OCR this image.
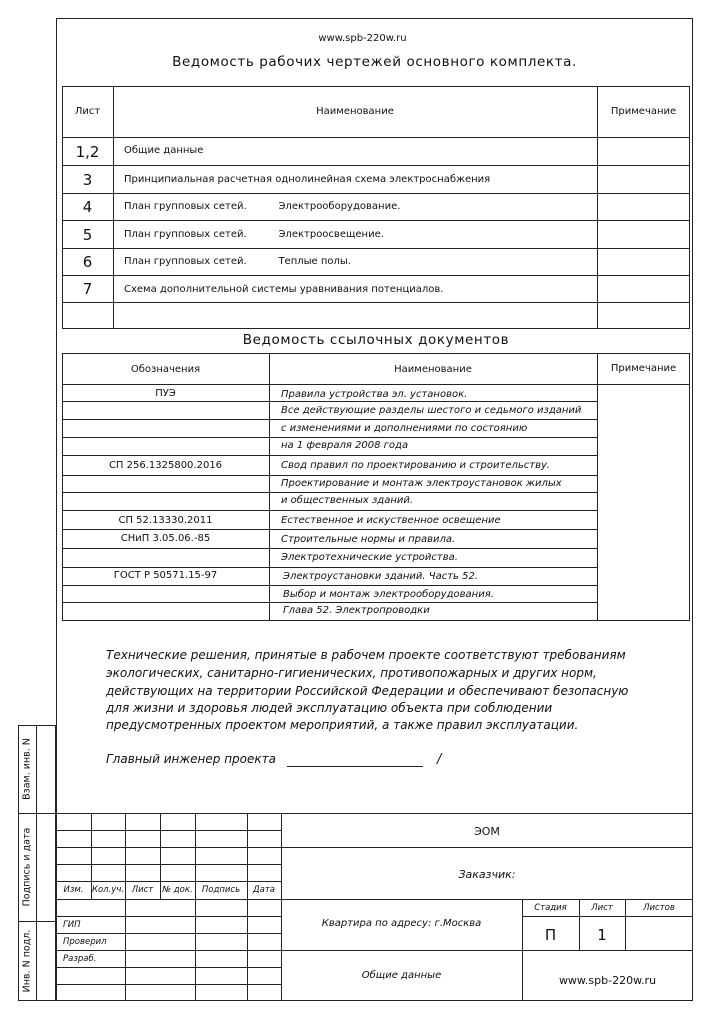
www.spb-220w.ru
Ведомость рабочих чертежей основного комплекта.
Лист	Наименование	Примечание
1,2	Общие данные
3	Принципиальная расчетная однолинейная схема электроснабжения
4	План групповых сетей.          Электрооборудование.
5	План групповых сетей.          Электроосвещение.
6	План групповых сетей.          Теплые полы.
7	Схема дополнительной системы уравнивания потенциалов.
Ведомость ссылочных документов
Обозначения	Наименование	Примечание
ПУЭ	Правила устройства эл. установок.
Все действующие разделы шестого и седьмого изданий
с изменениями и дополнениями по состоянию
на 1 февраля 2008 года
СП 256.1325800.2016	Свод правил по проектированию и строительству.
Проектирование и монтаж электроустановок жилых
и общественных зданий.
СП 52.13330.2011	Естественное и искуственное освещение
СНиП 3.05.06.-85	Строительные нормы и правила.
Электротехнические устройства.
ГОСТ Р 50571.15-97	Электроустановки зданий. Часть 52.
Выбор и монтаж электрооборудования.
Глава 52. Электропроводки
Технические решения, принятые в рабочем проекте соответствуют требованиям
экологических, санитарно-гигиенических, противопожарных и других норм,
действующих на территории Российской Федерации и обеспечивают безопасную
для жизни и здоровья людей эксплуатацию объекта при соблюдении
предусмотренных проектом мероприятий, а также правил эксплуатации.
Главный инженер проекта	/
Взам. инв. N
Подпись и дата
Инв. N подл.
Изм. Кол.уч. Лист	№ док.	Подпись	Дата
ГИП
Проверил
Разраб.
ЭОМ
Заказчик:
Квартира по адресу: г.Москва
Общие данные
Стадия	Лист	Листов
П	1
www.spb-220w.ru
